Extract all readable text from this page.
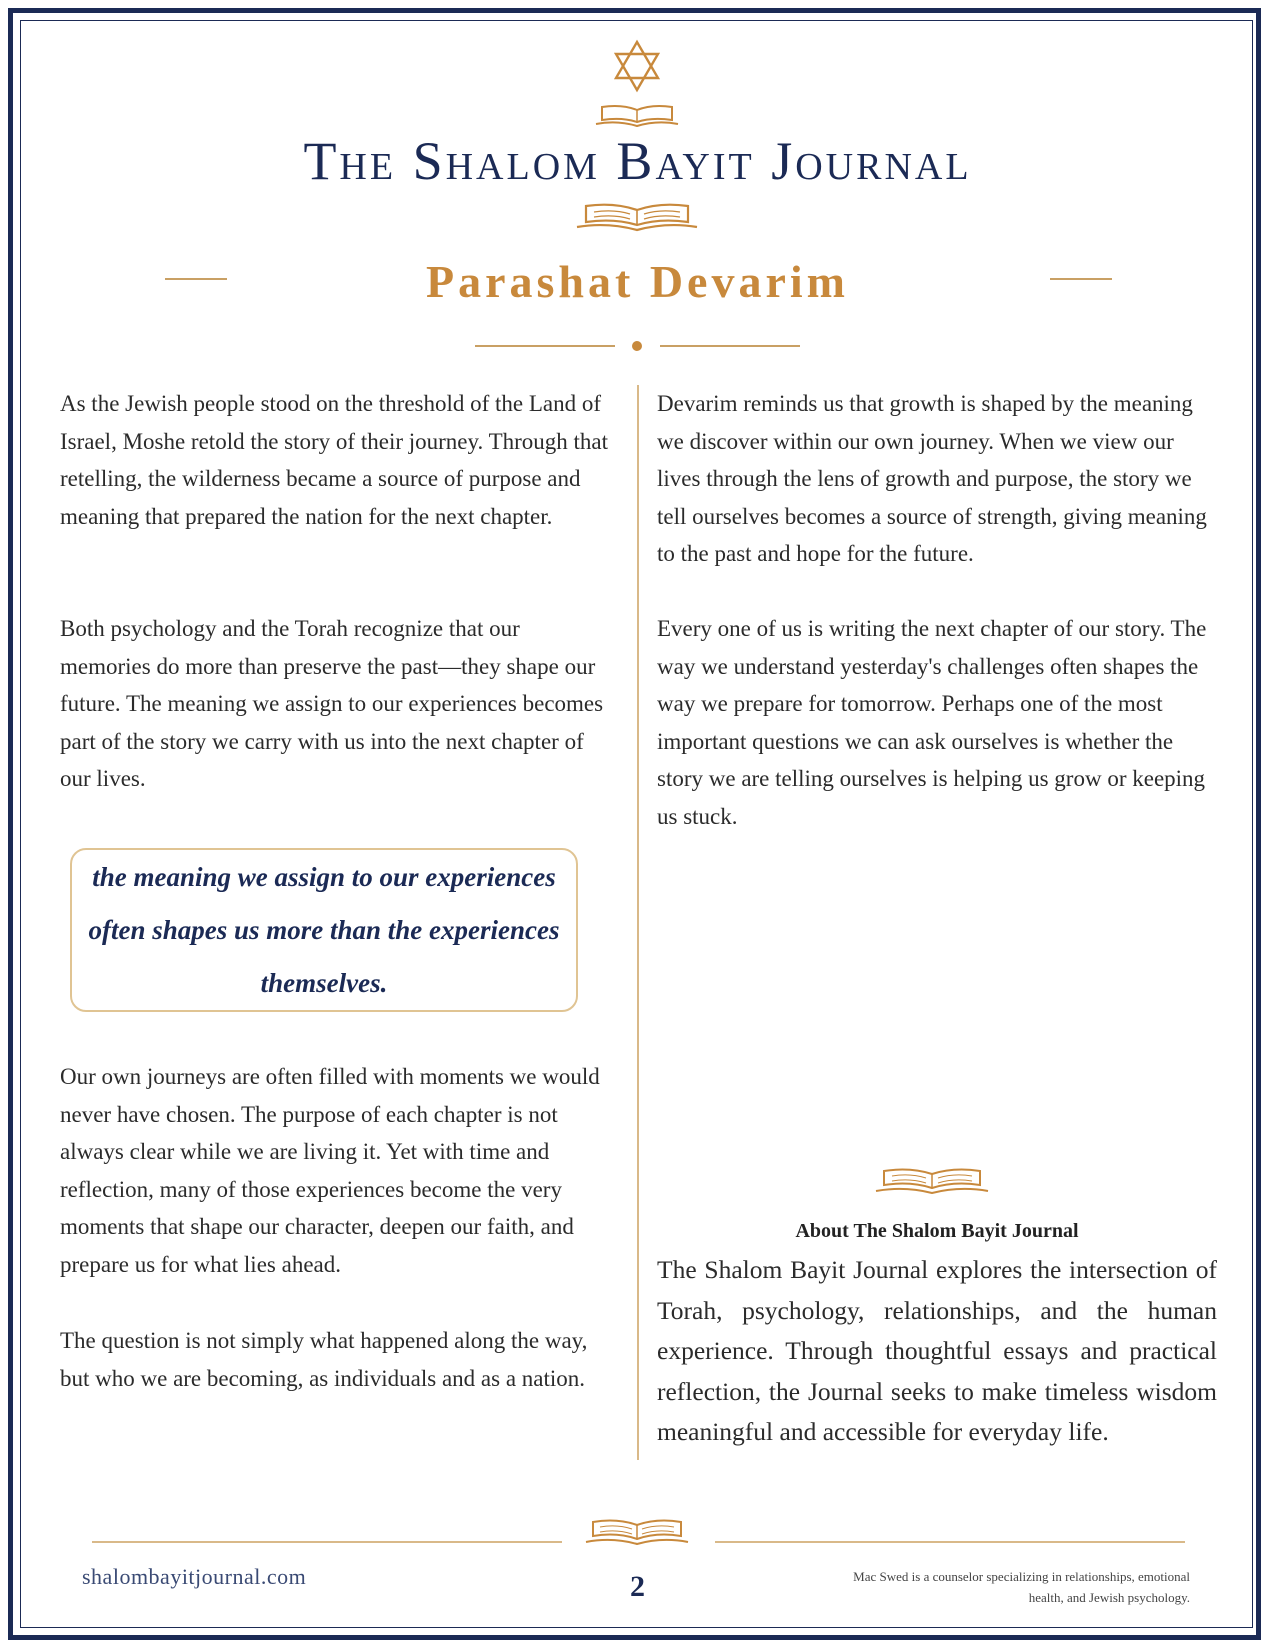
The Shalom Bayit Journal
Parashat Devarim

As the Jewish people stood on the threshold of the Land of Israel, Moshe retold the story of their journey. Through that retelling, the wilderness became a source of purpose and meaning that prepared the nation for the next chapter.

Both psychology and the Torah recognize that our memories do more than preserve the past—they shape our future. The meaning we assign to our experiences becomes part of the story we carry with us into the next chapter of our lives.

the meaning we assign to our experiences often shapes us more than the experiences themselves.

Our own journeys are often filled with moments we would never have chosen. The purpose of each chapter is not always clear while we are living it. Yet with time and reflection, many of those experiences become the very moments that shape our character, deepen our faith, and prepare us for what lies ahead.

The question is not simply what happened along the way, but who we are becoming, as individuals and as a nation.

Devarim reminds us that growth is shaped by the meaning we discover within our own journey. When we view our lives through the lens of growth and purpose, the story we tell ourselves becomes a source of strength, giving meaning to the past and hope for the future.

Every one of us is writing the next chapter of our story. The way we understand yesterday's challenges often shapes the way we prepare for tomorrow. Perhaps one of the most important questions we can ask ourselves is whether the story we are telling ourselves is helping us grow or keeping us stuck.

About The Shalom Bayit Journal
The Shalom Bayit Journal explores the intersection of Torah, psychology, relationships, and the human experience. Through thoughtful essays and practical reflection, the Journal seeks to make timeless wisdom meaningful and accessible for everyday life.
shalombayitjournal.com	2	Mac Swed is a counselor specializing in relationships, emotional health, and Jewish psychology.
